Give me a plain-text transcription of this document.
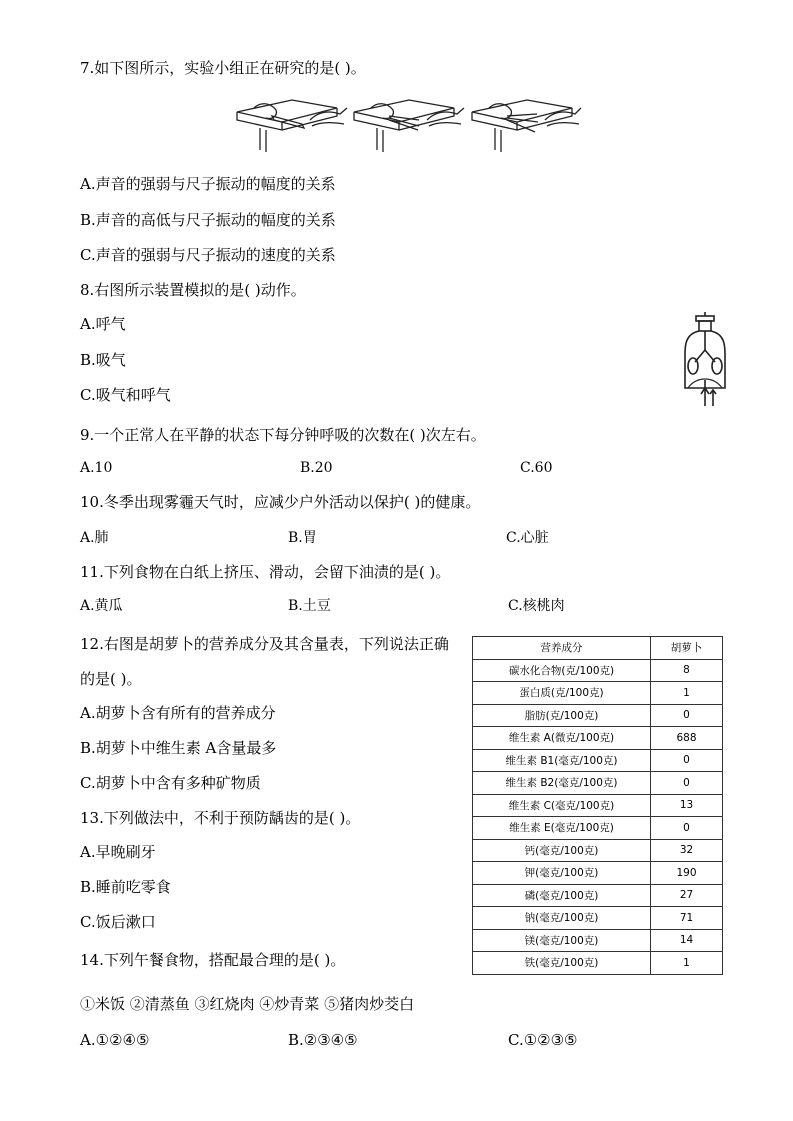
7.如下图所示，实验小组正在研究的是( )。
A.声音的强弱与尺子振动的幅度的关系
B.声音的高低与尺子振动的幅度的关系
C.声音的强弱与尺子振动的速度的关系
8.右图所示装置模拟的是( )动作。
A.呼气
B.吸气
C.吸气和呼气
9.一个正常人在平静的状态下每分钟呼吸的次数在( )次左右。
A.10	B.20	C.60
10.冬季出现雾霾天气时，应减少户外活动以保护( )的健康。
A.肺	B.胃	C.心脏
11.下列食物在白纸上挤压、滑动，会留下油渍的是( )。
A.黄瓜	B.土豆	C.核桃肉
12.右图是胡萝卜的营养成分及其含量表，下列说法正确
的是( )。
A.胡萝卜含有所有的营养成分
B.胡萝卜中维生素 A含量最多
C.胡萝卜中含有多种矿物质
营养成分	胡萝卜
碳水化合物(克/100克)	8
蛋白质(克/100克)	1
脂肪(克/100克)	0
维生素 A(微克/100克)	688
维生素 B1(毫克/100克)	0
维生素 B2(毫克/100克)	0
维生素 C(毫克/100克)	13
维生素 E(毫克/100克)	0
钙(毫克/100克)	32
钾(毫克/100克)	190
磷(毫克/100克)	27
钠(毫克/100克)	71
镁(毫克/100克)	14
铁(毫克/100克)	1
13.下列做法中，不利于预防龋齿的是( )。
A.早晚刷牙
B.睡前吃零食
C.饭后漱口
14.下列午餐食物，搭配最合理的是( )。
①米饭 ②清蒸鱼 ③红烧肉 ④炒青菜 ⑤猪肉炒茭白
A.①②④⑤	B.②③④⑤	C.①②③⑤
